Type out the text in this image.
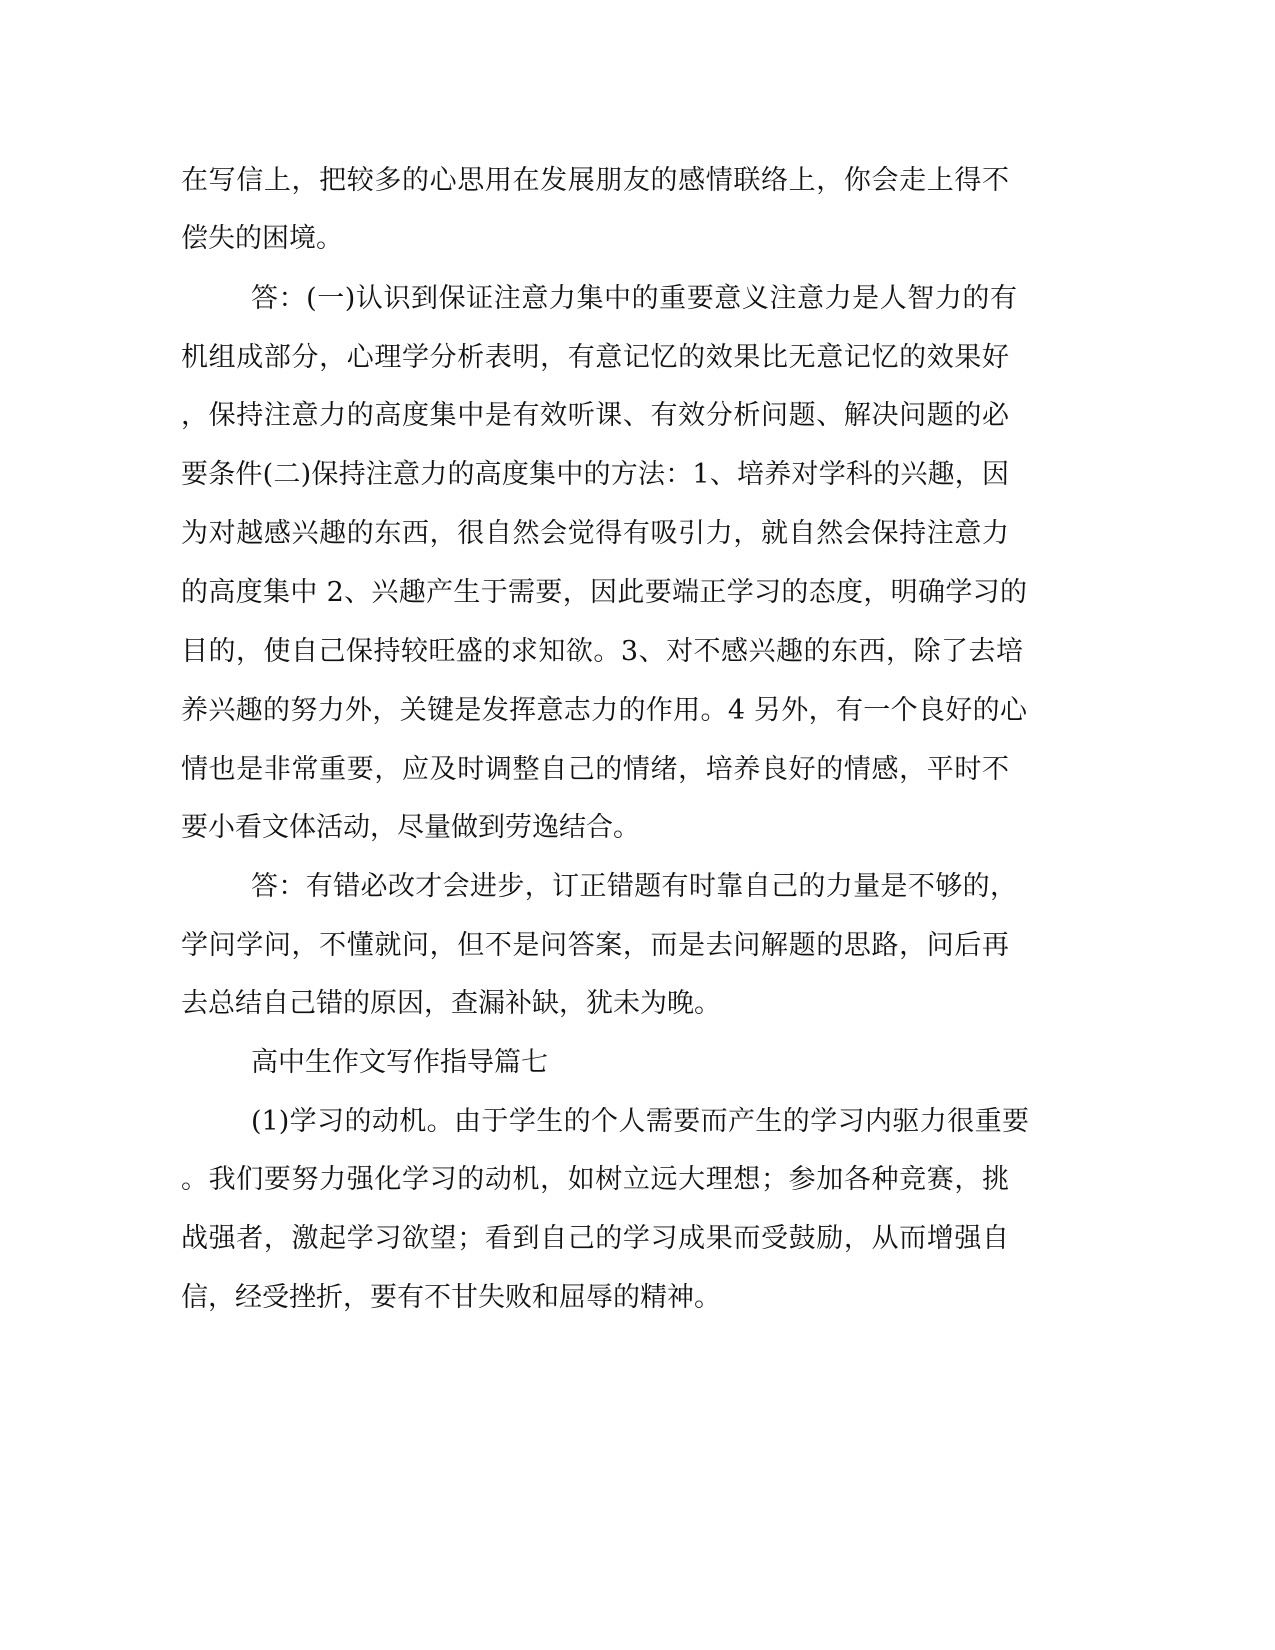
在写信上，把较多的心思用在发展朋友的感情联络上，你会走上得不
偿失的困境。
答：(一)认识到保证注意力集中的重要意义注意力是人智力的有
机组成部分，心理学分析表明，有意记忆的效果比无意记忆的效果好
，保持注意力的高度集中是有效听课、有效分析问题、解决问题的必
要条件(二)保持注意力的高度集中的方法：1、培养对学科的兴趣，因
为对越感兴趣的东西，很自然会觉得有吸引力，就自然会保持注意力
的高度集中 2、兴趣产生于需要，因此要端正学习的态度，明确学习的
目的，使自己保持较旺盛的求知欲。3、对不感兴趣的东西，除了去培
养兴趣的努力外，关键是发挥意志力的作用。4 另外，有一个良好的心
情也是非常重要，应及时调整自己的情绪，培养良好的情感，平时不
要小看文体活动，尽量做到劳逸结合。
答：有错必改才会进步，订正错题有时靠自己的力量是不够的，
学问学问，不懂就问，但不是问答案，而是去问解题的思路，问后再
去总结自己错的原因，查漏补缺，犹未为晚。
高中生作文写作指导篇七
(1)学习的动机。由于学生的个人需要而产生的学习内驱力很重要
。我们要努力强化学习的动机，如树立远大理想；参加各种竞赛，挑
战强者，激起学习欲望；看到自己的学习成果而受鼓励，从而增强自
信，经受挫折，要有不甘失败和屈辱的精神。
